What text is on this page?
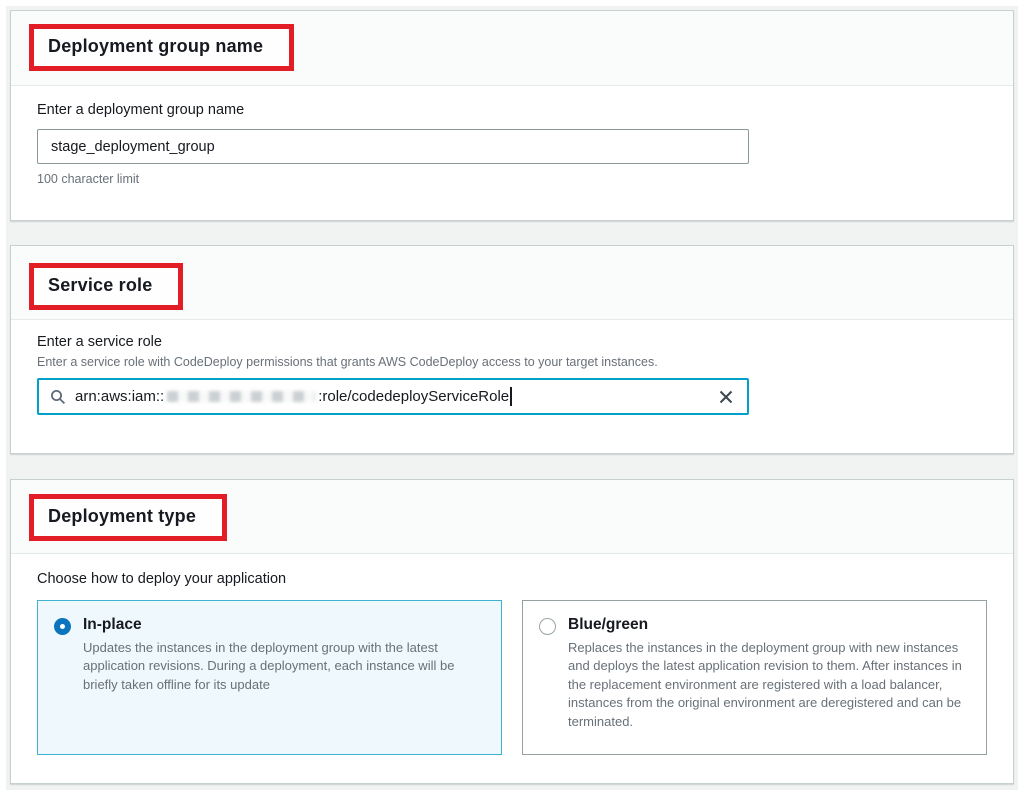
Deployment group name
Enter a deployment group name
stage_deployment_group
100 character limit
Service role
Enter a service role
Enter a service role with CodeDeploy permissions that grants AWS CodeDeploy access to your target instances.
arn:aws:iam::	:role/codedeployServiceRole
Deployment type
Choose how to deploy your application
In-place
Updates the instances in the deployment group with the latest application revisions. During a deployment, each instance will be briefly taken offline for its update
Blue/green
Replaces the instances in the deployment group with new instances and deploys the latest application revision to them. After instances in the replacement environment are registered with a load balancer, instances from the original environment are deregistered and can be terminated.
